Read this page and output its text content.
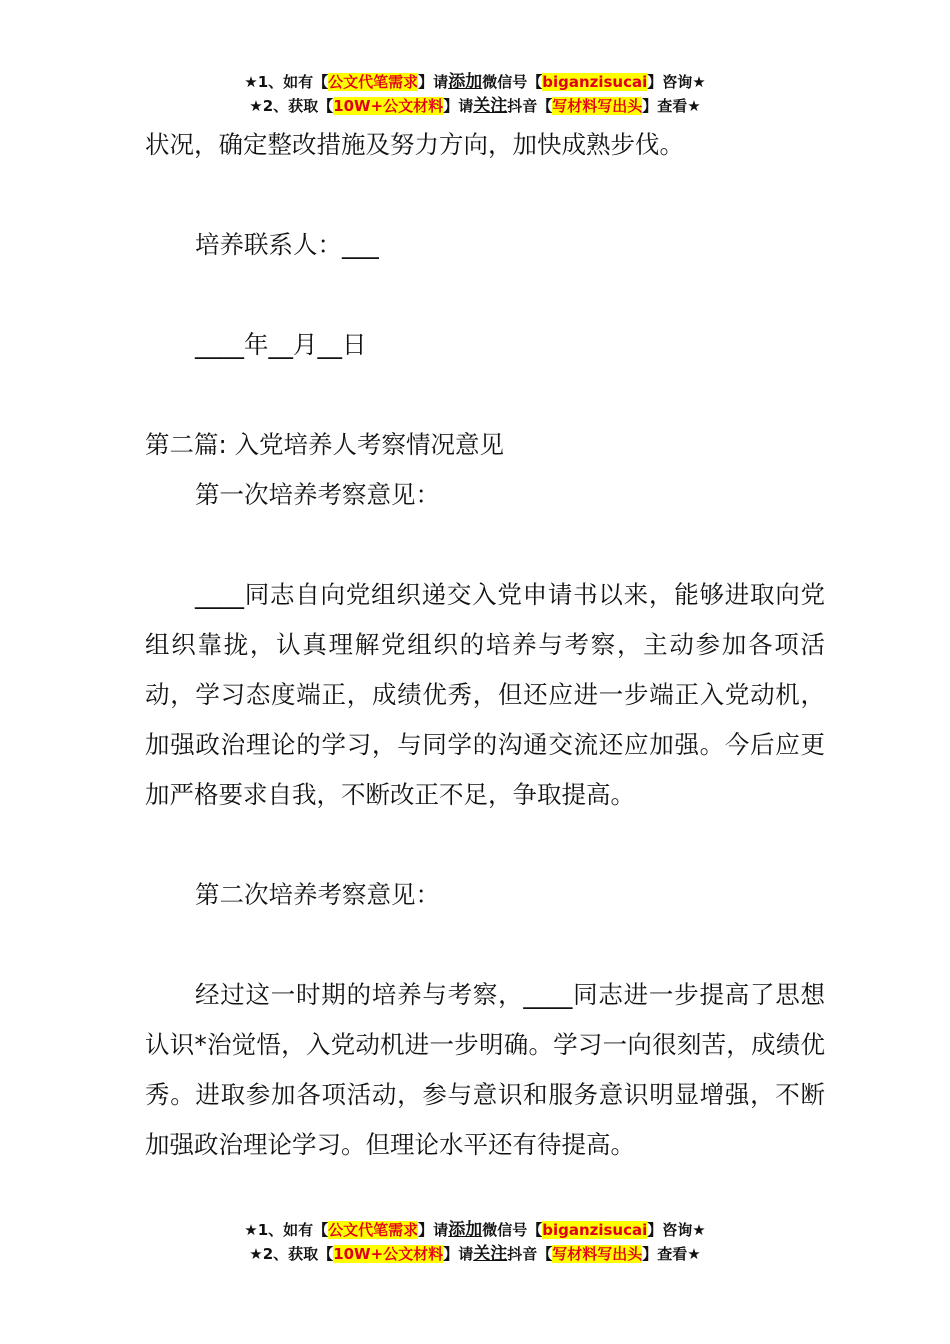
★1、如有【公文代笔需求】请添加微信号【biganzisucai】咨询★
★2、获取【10W+公文材料】请关注抖音【写材料写出头】查看★

状况，确定整改措施及努力方向，加快成熟步伐。

培养联系人：___

____年__月__日

第二篇: 入党培养人考察情况意见

第一次培养考察意见：

____同志自向党组织递交入党申请书以来，能够进取向党组织靠拢，认真理解党组织的培养与考察，主动参加各项活动，学习态度端正，成绩优秀，但还应进一步端正入党动机，加强政治理论的学习，与同学的沟通交流还应加强。今后应更加严格要求自我，不断改正不足，争取提高。

第二次培养考察意见：

经过这一时期的培养与考察，____同志进一步提高了思想认识*治觉悟，入党动机进一步明确。学习一向很刻苦，成绩优秀。进取参加各项活动，参与意识和服务意识明显增强，不断加强政治理论学习。但理论水平还有待提高。

★1、如有【公文代笔需求】请添加微信号【biganzisucai】咨询★
★2、获取【10W+公文材料】请关注抖音【写材料写出头】查看★
